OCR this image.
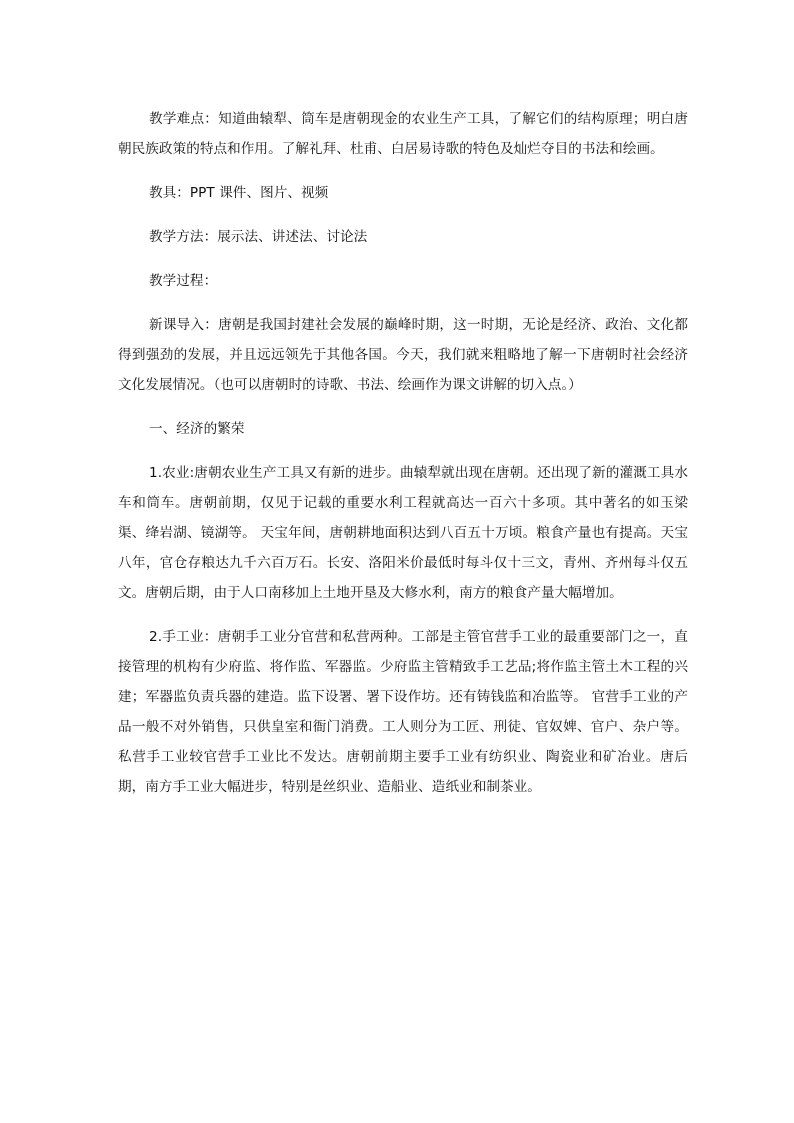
教学难点：知道曲辕犁、筒车是唐朝现金的农业生产工具，了解它们的结构原理；明白唐朝民族政策的特点和作用。了解礼拜、杜甫、白居易诗歌的特色及灿烂夺目的书法和绘画。

教具：PPT 课件、图片、视频

教学方法：展示法、讲述法、讨论法

教学过程：

新课导入：唐朝是我国封建社会发展的巅峰时期，这一时期，无论是经济、政治、文化都得到强劲的发展，并且远远领先于其他各国。今天，我们就来粗略地了解一下唐朝时社会经济文化发展情况。（也可以唐朝时的诗歌、书法、绘画作为课文讲解的切入点。）

一、经济的繁荣

1.农业:唐朝农业生产工具又有新的进步。曲辕犁就出现在唐朝。还出现了新的灌溉工具水车和筒车。唐朝前期，仅见于记载的重要水利工程就高达一百六十多项。其中著名的如玉梁渠、绛岩湖、镜湖等。 天宝年间，唐朝耕地面积达到八百五十万顷。粮食产量也有提高。天宝八年，官仓存粮达九千六百万石。长安、洛阳米价最低时每斗仅十三文，青州、齐州每斗仅五文。唐朝后期，由于人口南移加上土地开垦及大修水利，南方的粮食产量大幅增加。

2.手工业：唐朝手工业分官营和私营两种。工部是主管官营手工业的最重要部门之一，直接管理的机构有少府监、将作监、军器监。少府监主管精致手工艺品;将作监主管土木工程的兴建；军器监负责兵器的建造。监下设署、署下设作坊。还有铸钱监和冶监等。 官营手工业的产品一般不对外销售，只供皇室和衙门消费。工人则分为工匠、刑徒、官奴婢、官户、杂户等。私营手工业较官营手工业比不发达。唐朝前期主要手工业有纺织业、陶瓷业和矿冶业。唐后期，南方手工业大幅进步，特别是丝织业、造船业、造纸业和制茶业。
